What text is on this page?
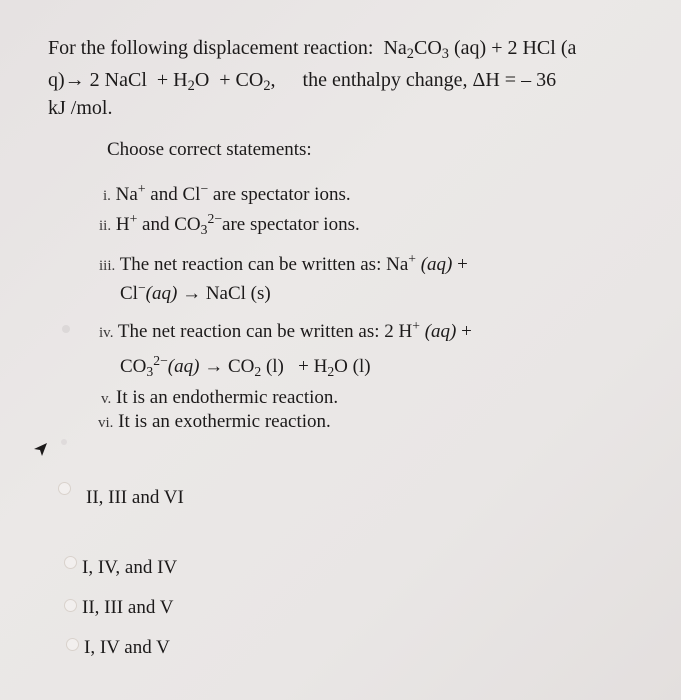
For the following displacement reaction: $Na_2CO_3$ (aq) + 2 HCl (a
q)→ 2 NaCl + $H_2O + CO_2$, the enthalpy change, ΔH = – 36
kJ /mol.
Choose correct statements:
i. Na+ and Cl− are spectator ions.
ii. H+ and $CO_3^{2-}are$ spectator ions.
iii. The net reaction can be written as: Na+ (aq) +
Cl−(aq) → NaCl (s)
iv. The net reaction can be written as: 2 H+ (aq) +
$CO_3^{2-}(aq) \to CO_2$ $(l) + H_2O$ (l)
v. It is an endothermic reaction.
vi. It is an exothermic reaction.
II, III and VI
I, IV, and IV
II, III and V
I, IV and V
